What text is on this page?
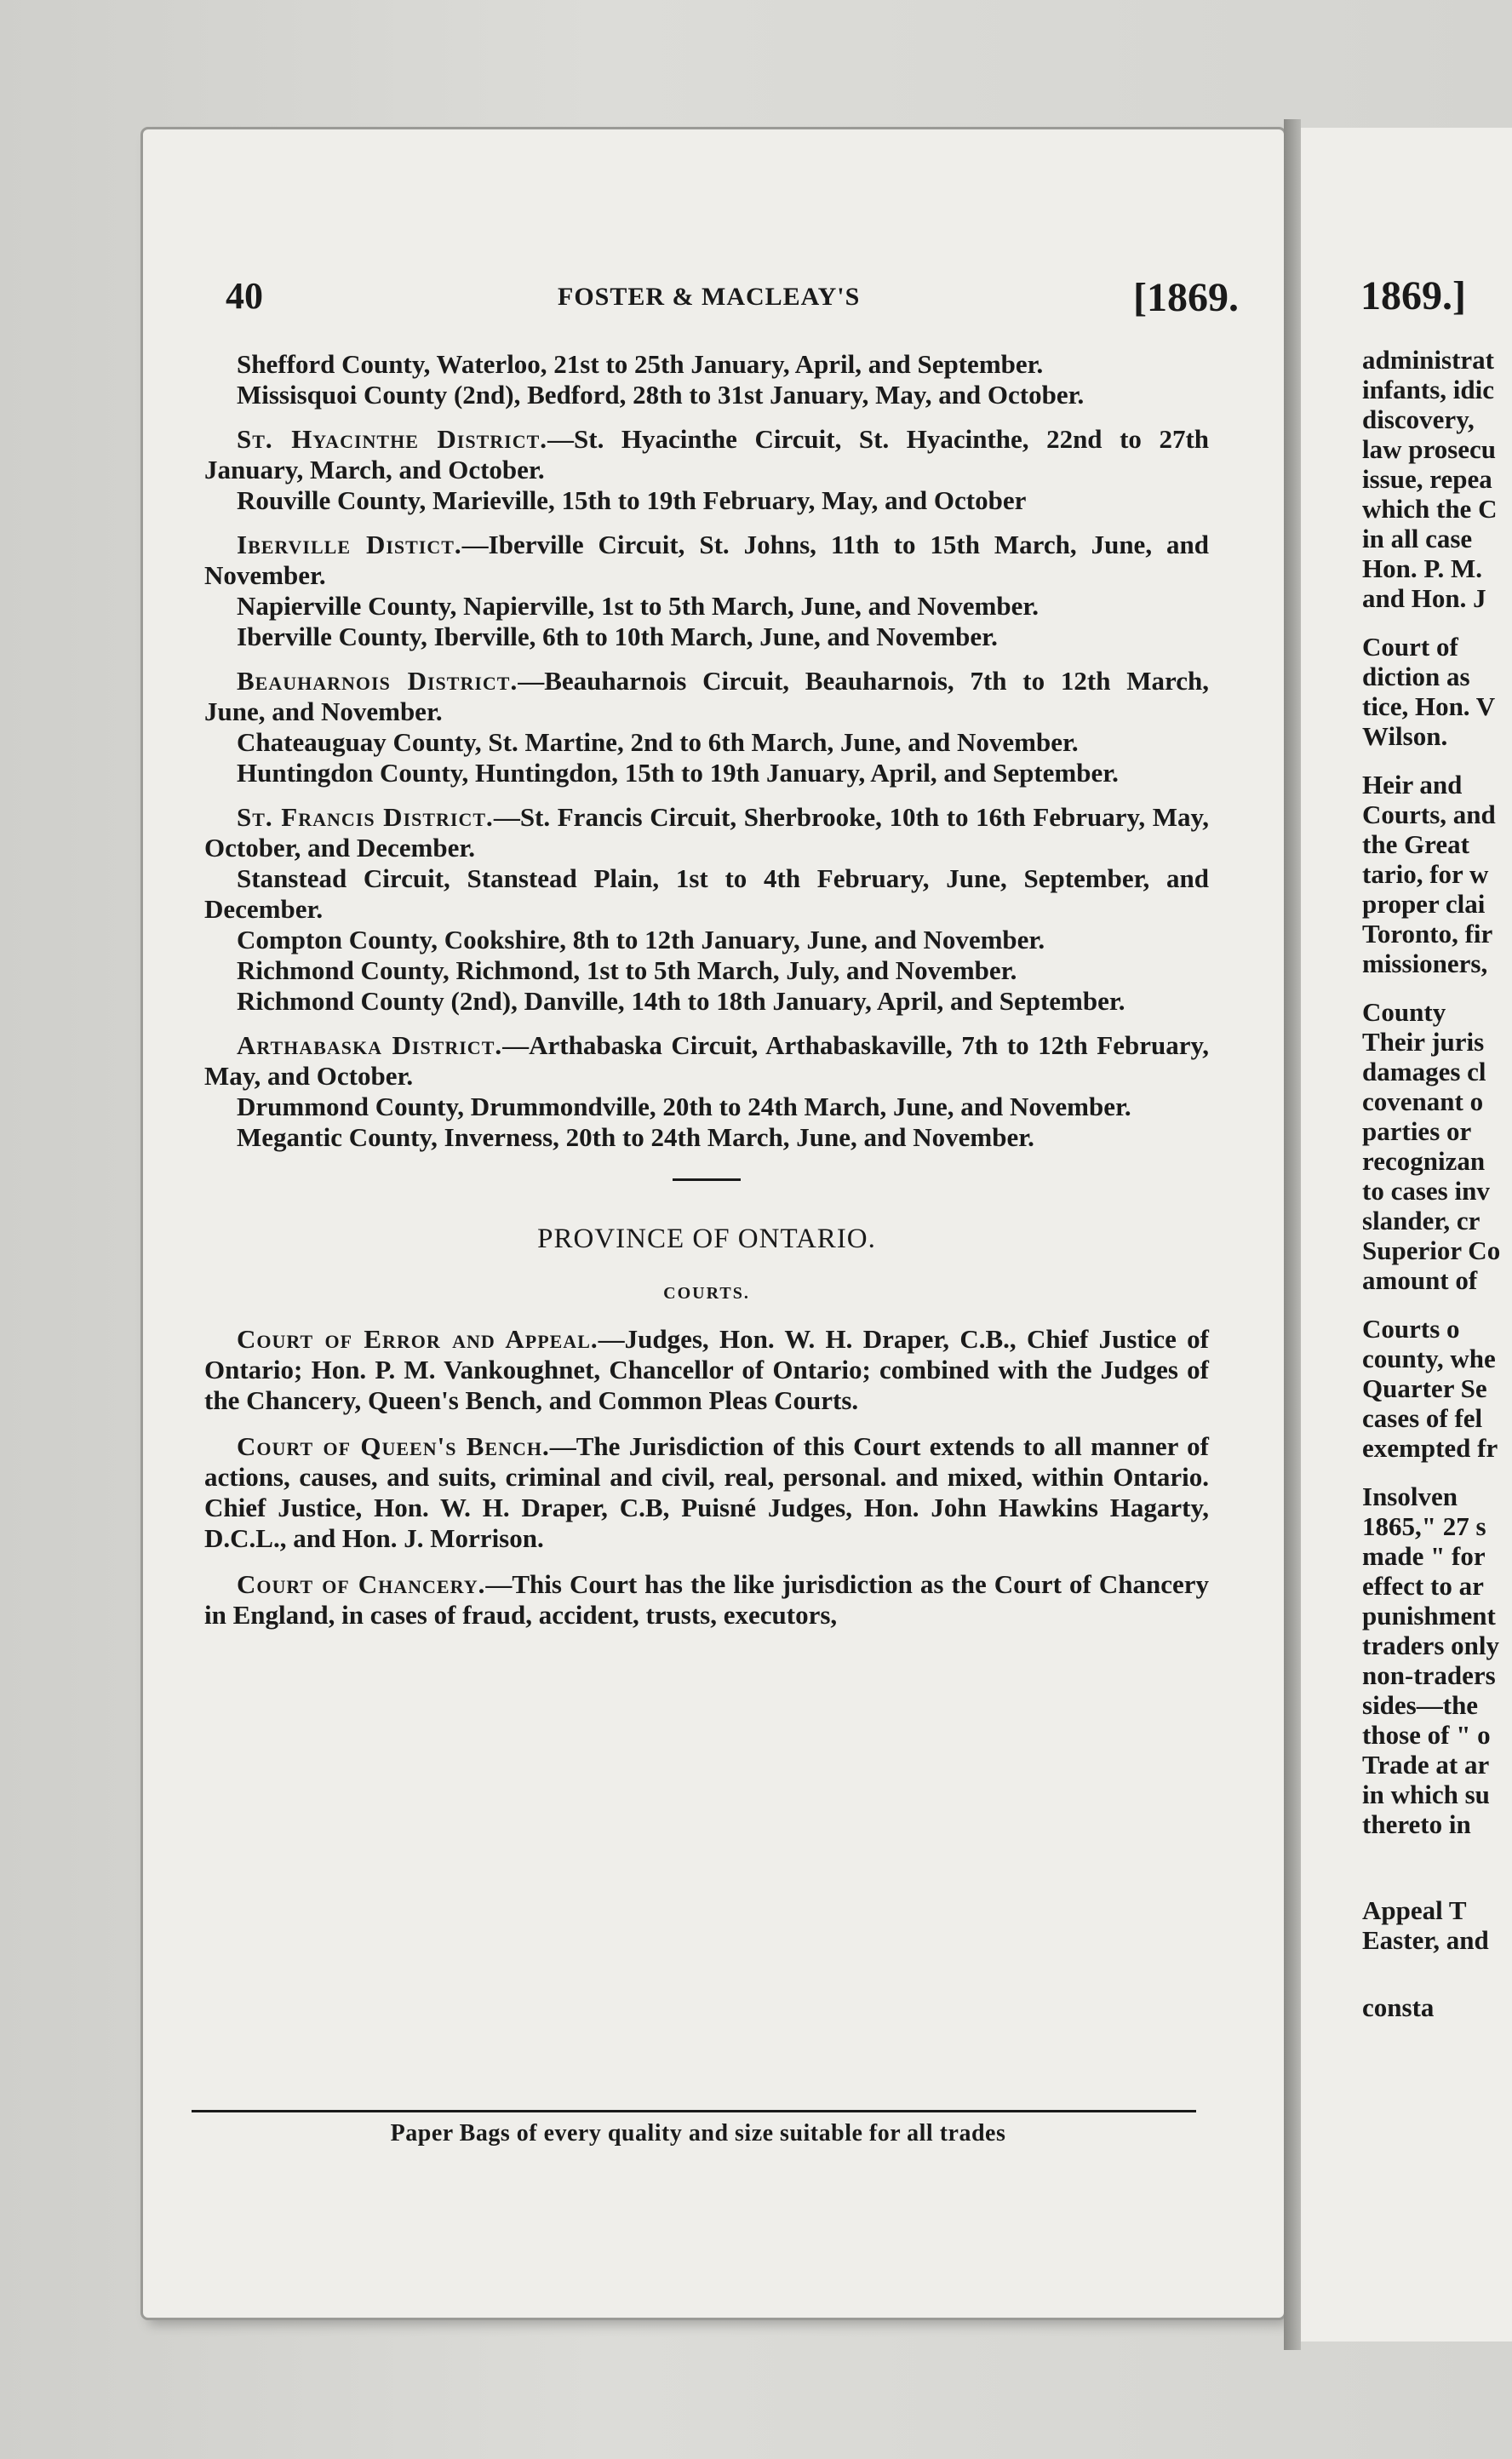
1869.]
administrat
infants, idic
discovery,
law prosecu
issue, repea
which the C
in all case
Hon. P. M.
and Hon. J
Court of
diction as
tice, Hon. V
Wilson.
Heir and
Courts, and
the Great
tario, for w
proper clai
Toronto, fir
missioners,
County
Their juris
damages cl
covenant o
parties or
recognizan
to cases inv
slander, cr
Superior Co
amount of
Courts o
county, whe
Quarter Se
cases of fel
exempted fr
Insolven
1865," 27 s
made " for
effect to ar
punishment
traders only
non-traders
sides—the
those of " o
Trade at ar
in which su
thereto in
Appeal T
Easter, and
consta
40	FOSTER & MACLEAY'S	[1869.

Shefford County, Waterloo, 21st to 25th January, April, and September.

Missisquoi County (2nd), Bedford, 28th to 31st January, May, and October.

St. Hyacinthe District.—St. Hyacinthe Circuit, St. Hyacinthe, 22nd to 27th January, March, and October.

Rouville County, Marieville, 15th to 19th February, May, and October

Iberville Distict.—Iberville Circuit, St. Johns, 11th to 15th March, June, and November.

Napierville County, Napierville, 1st to 5th March, June, and November.

Iberville County, Iberville, 6th to 10th March, June, and November.

Beauharnois District.—Beauharnois Circuit, Beauharnois, 7th to 12th March, June, and November.

Chateauguay County, St. Martine, 2nd to 6th March, June, and November.

Huntingdon County, Huntingdon, 15th to 19th January, April, and September.

St. Francis District.—St. Francis Circuit, Sherbrooke, 10th to 16th February, May, October, and December.

Stanstead Circuit, Stanstead Plain, 1st to 4th February, June, September, and December.

Compton County, Cookshire, 8th to 12th January, June, and November.

Richmond County, Richmond, 1st to 5th March, July, and November.

Richmond County (2nd), Danville, 14th to 18th January, April, and September.

Arthabaska District.—Arthabaska Circuit, Arthabaskaville, 7th to 12th February, May, and October.

Drummond County, Drummondville, 20th to 24th March, June, and November.

Megantic County, Inverness, 20th to 24th March, June, and November.

PROVINCE OF ONTARIO.
COURTS.

Court of Error and Appeal.—Judges, Hon. W. H. Draper, C.B., Chief Justice of Ontario; Hon. P. M. Vankoughnet, Chancellor of Ontario; combined with the Judges of the Chancery, Queen's Bench, and Common Pleas Courts.

Court of Queen's Bench.—The Jurisdiction of this Court extends to all manner of actions, causes, and suits, criminal and civil, real, personal. and mixed, within Ontario. Chief Justice, Hon. W. H. Draper, C.B, Puisné Judges, Hon. John Hawkins Hagarty, D.C.L., and Hon. J. Morrison.

Court of Chancery.—This Court has the like jurisdiction as the Court of Chancery in England, in cases of fraud, accident, trusts, executors,

Paper Bags of every quality and size suitable for all trades
